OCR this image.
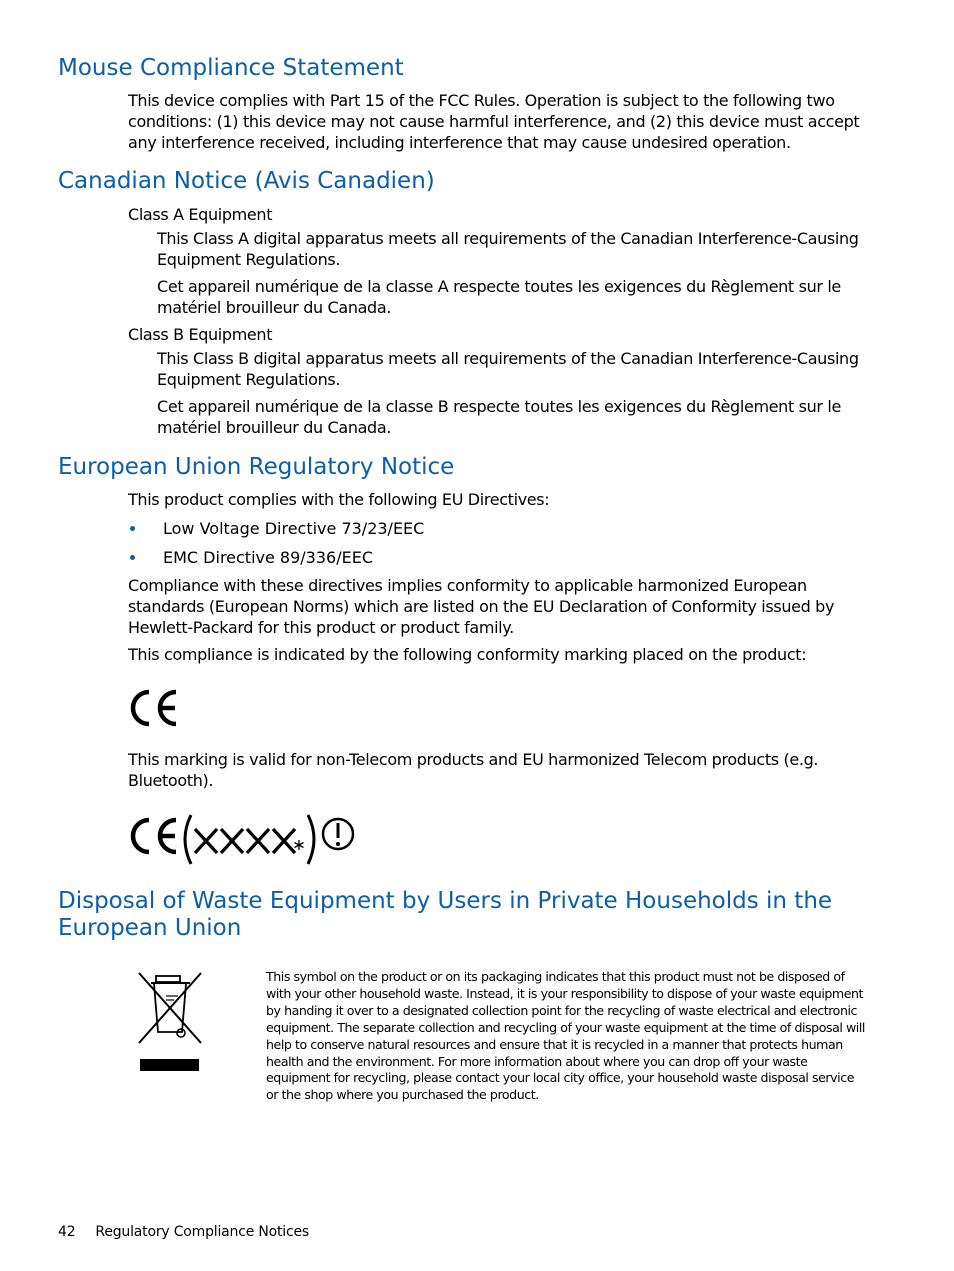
Mouse Compliance Statement

This device complies with Part 15 of the FCC Rules. Operation is subject to the following two conditions: (1) this device may not cause harmful interference, and (2) this device must accept any interference received, including interference that may cause undesired operation.

Canadian Notice (Avis Canadien)

Class A Equipment

This Class A digital apparatus meets all requirements of the Canadian Interference-Causing Equipment Regulations.

Cet appareil numérique de la classe A respecte toutes les exigences du Règlement sur le matériel brouilleur du Canada.

Class B Equipment

This Class B digital apparatus meets all requirements of the Canadian Interference-Causing Equipment Regulations.

Cet appareil numérique de la classe B respecte toutes les exigences du Règlement sur le matériel brouilleur du Canada.

European Union Regulatory Notice

This product complies with the following EU Directives:

Low Voltage Directive 73/23/EEC
EMC Directive 89/336/EEC

Compliance with these directives implies conformity to applicable harmonized European standards (European Norms) which are listed on the EU Declaration of Conformity issued by Hewlett-Packard for this product or product family.

This compliance is indicated by the following conformity marking placed on the product:

This marking is valid for non-Telecom products and EU harmonized Telecom products (e.g. Bluetooth).

Disposal of Waste Equipment by Users in Private Households in the
European Union

This symbol on the product or on its packaging indicates that this product must not be disposed of with your other household waste. Instead, it is your responsibility to dispose of your waste equipment by handing it over to a designated collection point for the recycling of waste electrical and electronic equipment. The separate collection and recycling of your waste equipment at the time of disposal will help to conserve natural resources and ensure that it is recycled in a manner that protects human health and the environment. For more information about where you can drop off your waste equipment for recycling, please contact your local city office, your household waste disposal service or the shop where you purchased the product.

42 Regulatory Compliance Notices
